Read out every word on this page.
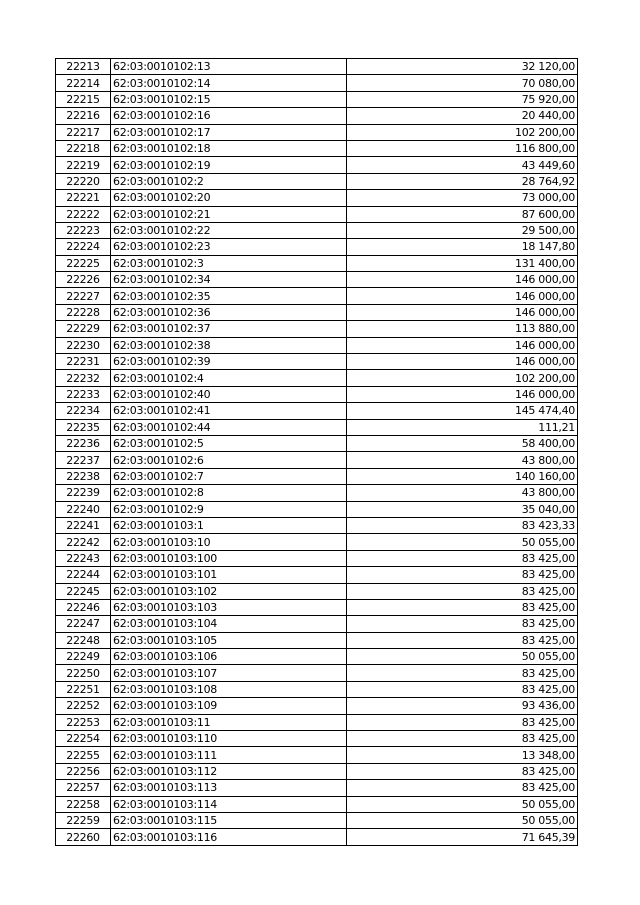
22213	62:03:0010102:13	32 120,00
22214	62:03:0010102:14	70 080,00
22215	62:03:0010102:15	75 920,00
22216	62:03:0010102:16	20 440,00
22217	62:03:0010102:17	102 200,00
22218	62:03:0010102:18	116 800,00
22219	62:03:0010102:19	43 449,60
22220	62:03:0010102:2	28 764,92
22221	62:03:0010102:20	73 000,00
22222	62:03:0010102:21	87 600,00
22223	62:03:0010102:22	29 500,00
22224	62:03:0010102:23	18 147,80
22225	62:03:0010102:3	131 400,00
22226	62:03:0010102:34	146 000,00
22227	62:03:0010102:35	146 000,00
22228	62:03:0010102:36	146 000,00
22229	62:03:0010102:37	113 880,00
22230	62:03:0010102:38	146 000,00
22231	62:03:0010102:39	146 000,00
22232	62:03:0010102:4	102 200,00
22233	62:03:0010102:40	146 000,00
22234	62:03:0010102:41	145 474,40
22235	62:03:0010102:44	111,21
22236	62:03:0010102:5	58 400,00
22237	62:03:0010102:6	43 800,00
22238	62:03:0010102:7	140 160,00
22239	62:03:0010102:8	43 800,00
22240	62:03:0010102:9	35 040,00
22241	62:03:0010103:1	83 423,33
22242	62:03:0010103:10	50 055,00
22243	62:03:0010103:100	83 425,00
22244	62:03:0010103:101	83 425,00
22245	62:03:0010103:102	83 425,00
22246	62:03:0010103:103	83 425,00
22247	62:03:0010103:104	83 425,00
22248	62:03:0010103:105	83 425,00
22249	62:03:0010103:106	50 055,00
22250	62:03:0010103:107	83 425,00
22251	62:03:0010103:108	83 425,00
22252	62:03:0010103:109	93 436,00
22253	62:03:0010103:11	83 425,00
22254	62:03:0010103:110	83 425,00
22255	62:03:0010103:111	13 348,00
22256	62:03:0010103:112	83 425,00
22257	62:03:0010103:113	83 425,00
22258	62:03:0010103:114	50 055,00
22259	62:03:0010103:115	50 055,00
22260	62:03:0010103:116	71 645,39
